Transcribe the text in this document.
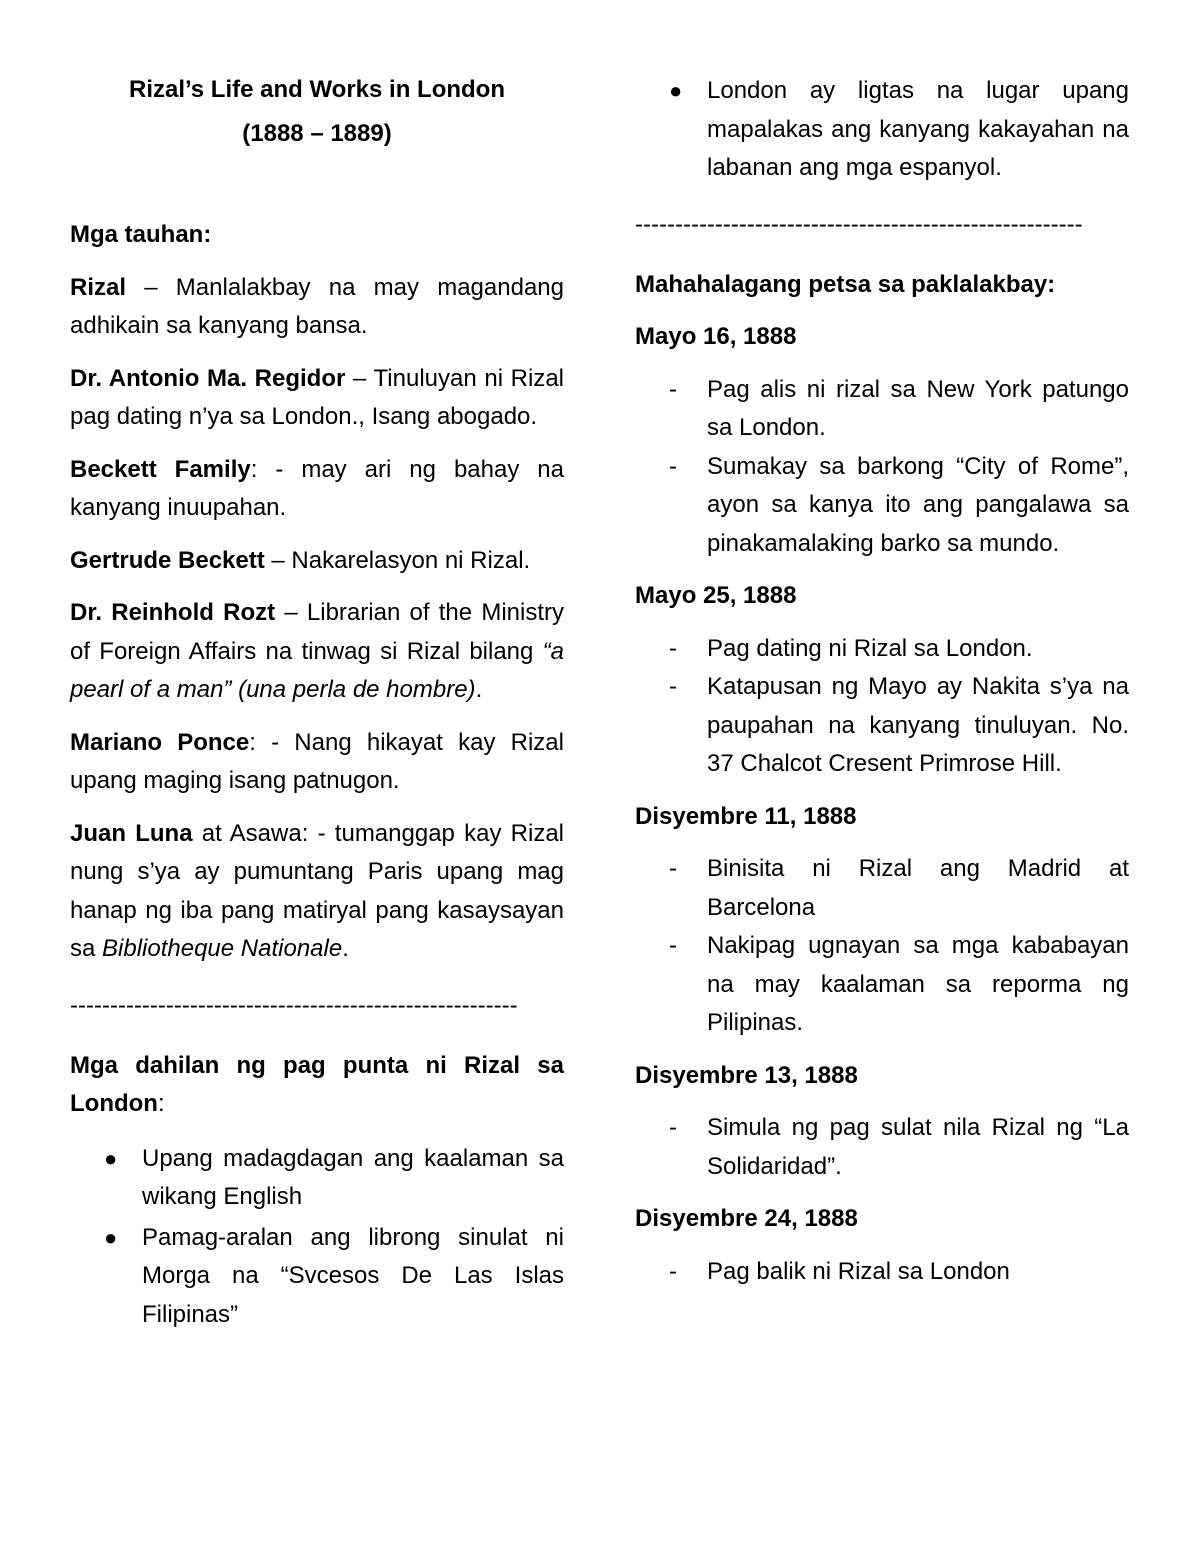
Rizal’s Life and Works in London

(1888 – 1889)

Mga tauhan:

Rizal – Manlalakbay na may magandang adhikain sa kanyang bansa.

Dr. Antonio Ma. Regidor – Tinuluyan ni Rizal pag dating n’ya sa London., Isang abogado.

Beckett Family: - may ari ng bahay na kanyang inuupahan.

Gertrude Beckett – Nakarelasyon ni Rizal.

Dr. Reinhold Rozt – Librarian of the Ministry of Foreign Affairs na tinwag si Rizal bilang “a pearl of a man” (una perla de hombre).

Mariano Ponce: - Nang hikayat kay Rizal upang maging isang patnugon.

Juan Luna at Asawa: - tumanggap kay Rizal nung s’ya ay pumuntang Paris upang mag hanap ng iba pang matiryal pang kasaysayan sa Bibliotheque Nationale.

--------------------------------------------------------

Mga dahilan ng pag punta ni Rizal sa London:

● Upang madagdagan ang kaalaman sa wikang English
● Pamag-aralan ang librong sinulat ni Morga na “Svcesos De Las Islas Filipinas”
● London ay ligtas na lugar upang mapalakas ang kanyang kakayahan na labanan ang mga espanyol.

--------------------------------------------------------

Mahahalagang petsa sa paklalakbay:

Mayo 16, 1888

- Pag alis ni rizal sa New York patungo sa London.
- Sumakay sa barkong “City of Rome”, ayon sa kanya ito ang pangalawa sa pinakamalaking barko sa mundo.

Mayo 25, 1888

- Pag dating ni Rizal sa London.
- Katapusan ng Mayo ay Nakita s’ya na paupahan na kanyang tinuluyan. No. 37 Chalcot Cresent Primrose Hill.

Disyembre 11, 1888

- Binisita ni Rizal ang Madrid at Barcelona
- Nakipag ugnayan sa mga kababayan na may kaalaman sa reporma ng Pilipinas.

Disyembre 13, 1888

- Simula ng pag sulat nila Rizal ng “La Solidaridad”.

Disyembre 24, 1888

- Pag balik ni Rizal sa London
